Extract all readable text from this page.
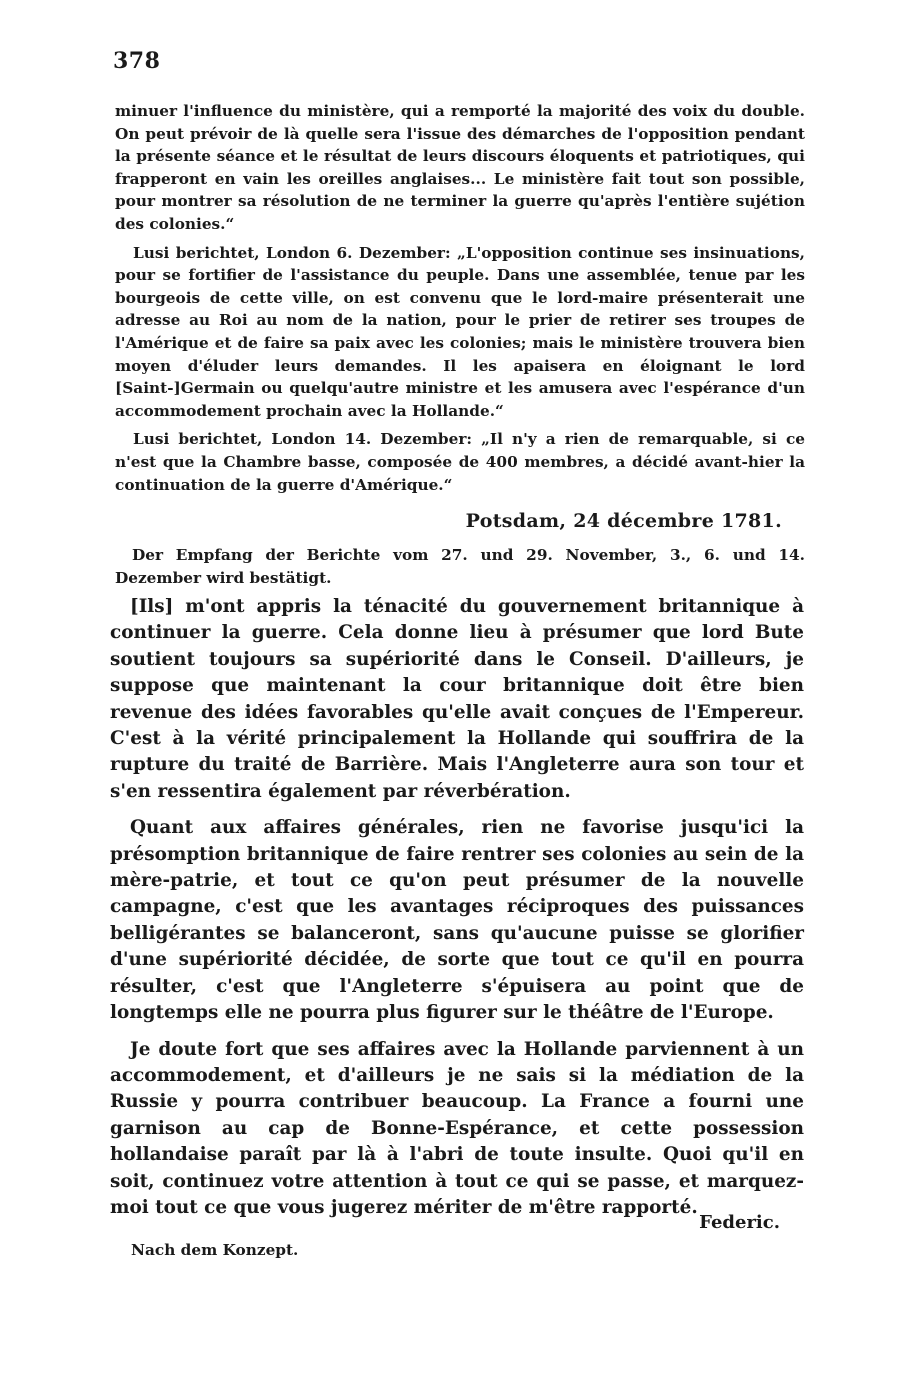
378

minuer l'influence du ministère, qui a remporté la majorité des voix du double. On peut prévoir de là quelle sera l'issue des démarches de l'opposition pendant la présente séance et le résultat de leurs discours éloquents et patriotiques, qui frapperont en vain les oreilles anglaises... Le ministère fait tout son possible, pour montrer sa résolution de ne terminer la guerre qu'après l'entière sujétion des colonies.“

Lusi berichtet, London 6. Dezember: „L'opposition continue ses insinuations, pour se fortifier de l'assistance du peuple. Dans une assemblée, tenue par les bourgeois de cette ville, on est convenu que le lord-maire présenterait une adresse au Roi au nom de la nation, pour le prier de retirer ses troupes de l'Amérique et de faire sa paix avec les colonies; mais le ministère trouvera bien moyen d'éluder leurs demandes. Il les apaisera en éloignant le lord [Saint-]Germain ou quelqu'autre ministre et les amusera avec l'espérance d'un accommodement prochain avec la Hollande.“

Lusi berichtet, London 14. Dezember: „Il n'y a rien de remarquable, si ce n'est que la Chambre basse, composée de 400 membres, a décidé avant-hier la continuation de la guerre d'Amérique.“

Potsdam, 24 décembre 1781.

Der Empfang der Berichte vom 27. und 29. November, 3., 6. und 14. Dezember wird bestätigt.

[Ils] m'ont appris la ténacité du gouvernement britannique à continuer la guerre. Cela donne lieu à présumer que lord Bute soutient toujours sa supériorité dans le Conseil. D'ailleurs, je suppose que maintenant la cour britannique doit être bien revenue des idées favorables qu'elle avait conçues de l'Empereur. C'est à la vérité principalement la Hollande qui souffrira de la rupture du traité de Barrière. Mais l'Angleterre aura son tour et s'en ressentira également par réverbération.

Quant aux affaires générales, rien ne favorise jusqu'ici la présomption britannique de faire rentrer ses colonies au sein de la mère-patrie, et tout ce qu'on peut présumer de la nouvelle campagne, c'est que les avantages réciproques des puissances belligérantes se balanceront, sans qu'aucune puisse se glorifier d'une supériorité décidée, de sorte que tout ce qu'il en pourra résulter, c'est que l'Angleterre s'épuisera au point que de longtemps elle ne pourra plus figurer sur le théâtre de l'Europe.

Je doute fort que ses affaires avec la Hollande parviennent à un accommodement, et d'ailleurs je ne sais si la médiation de la Russie y pourra contribuer beaucoup. La France a fourni une garnison au cap de Bonne-Espérance, et cette possession hollandaise paraît par là à l'abri de toute insulte. Quoi qu'il en soit, continuez votre attention à tout ce qui se passe, et marquez-moi tout ce que vous jugerez mériter de m'être rapporté.

Federic.
Nach dem Konzept.
